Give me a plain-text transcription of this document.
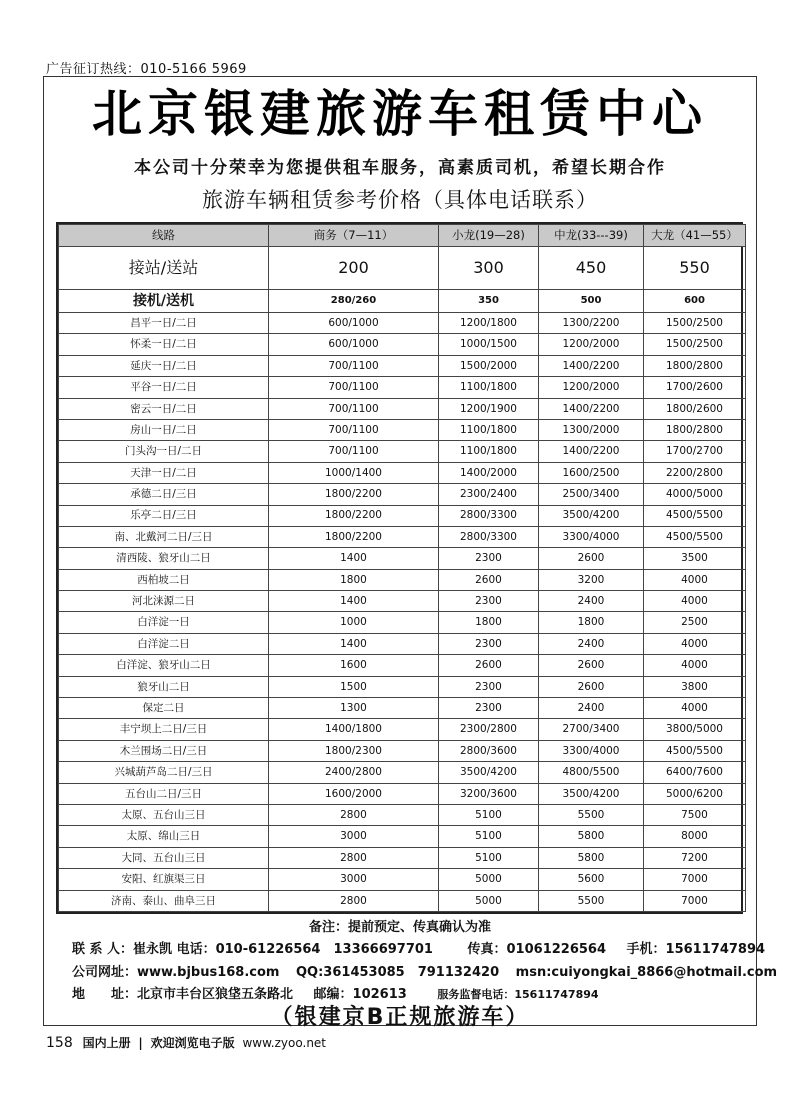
广告征订热线：010-5166 5969
北京银建旅游车租赁中心
本公司十分荣幸为您提供租车服务，高素质司机，希望长期合作
旅游车辆租赁参考价格（具体电话联系）
线路	商务（7—11）	小龙(19—28)	中龙(33---39)	大龙（41—55）
接站/送站	200	300	450	550
接机/送机	280/260	350	500	600
昌平一日/二日	600/1000	1200/1800	1300/2200	1500/2500
怀柔一日/二日	600/1000	1000/1500	1200/2000	1500/2500
延庆一日/二日	700/1100	1500/2000	1400/2200	1800/2800
平谷一日/二日	700/1100	1100/1800	1200/2000	1700/2600
密云一日/二日	700/1100	1200/1900	1400/2200	1800/2600
房山一日/二日	700/1100	1100/1800	1300/2000	1800/2800
门头沟一日/二日	700/1100	1100/1800	1400/2200	1700/2700
天津一日/二日	1000/1400	1400/2000	1600/2500	2200/2800
承德二日/三日	1800/2200	2300/2400	2500/3400	4000/5000
乐亭二日/三日	1800/2200	2800/3300	3500/4200	4500/5500
南、北戴河二日/三日	1800/2200	2800/3300	3300/4000	4500/5500
清西陵、狼牙山二日	1400	2300	2600	3500
西柏坡二日	1800	2600	3200	4000
河北涞源二日	1400	2300	2400	4000
白洋淀一日	1000	1800	1800	2500
白洋淀二日	1400	2300	2400	4000
白洋淀、狼牙山二日	1600	2600	2600	4000
狼牙山二日	1500	2300	2600	3800
保定二日	1300	2300	2400	4000
丰宁坝上二日/三日	1400/1800	2300/2800	2700/3400	3800/5000
木兰围场二日/三日	1800/2300	2800/3600	3300/4000	4500/5500
兴城葫芦岛二日/三日	2400/2800	3500/4200	4800/5500	6400/7600
五台山二日/三日	1600/2000	3200/3600	3500/4200	5000/6200
太原、五台山三日	2800	5100	5500	7500
太原、绵山三日	3000	5100	5800	8000
大同、五台山三日	2800	5100	5800	7200
安阳、红旗渠三日	3000	5000	5600	7000
济南、泰山、曲阜三日	2800	5000	5500	7000
备注：提前预定、传真确认为准
联 系 人：崔永凯 电话：010-61226564　13366697701	传真：01061226564 手机：15611747894
公司网址：www.bjbus168.com QQ:361453085　791132420 msn:cuiyongkai_8866@hotmail.com
地　　址：北京市丰台区狼垡五条路北 邮编：102613	服务监督电话：15611747894
（银建京B正规旅游车）
158 国内上册 | 欢迎浏览电子版 www.zyoo.net
